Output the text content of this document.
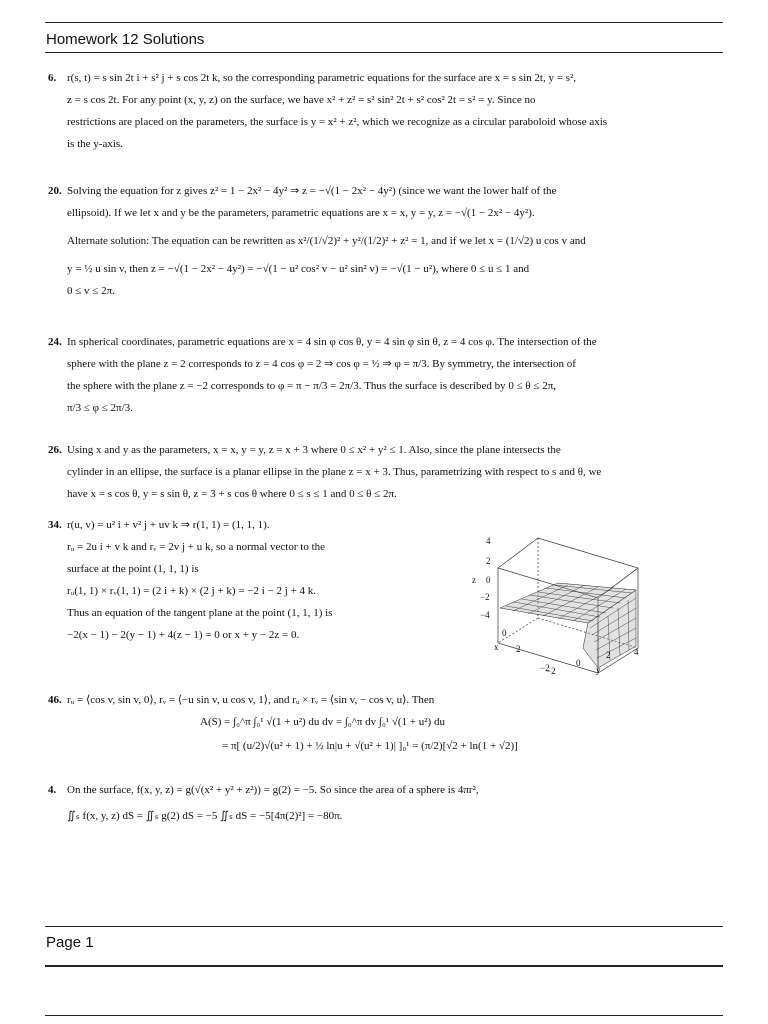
Homework 12 Solutions
6. r(s, t) = s sin 2t i + s² j + s cos 2t k, so the corresponding parametric equations for the surface are x = s sin 2t, y = s²,
z = s cos 2t. For any point (x, y, z) on the surface, we have x² + z² = s² sin² 2t + s² cos² 2t = s² = y. Since no
restrictions are placed on the parameters, the surface is y = x² + z², which we recognize as a circular paraboloid whose axis
is the y-axis.
20. Solving the equation for z gives z² = 1 − 2x² − 4y² ⇒ z = −√(1 − 2x² − 4y²) (since we want the lower half of the
ellipsoid). If we let x and y be the parameters, parametric equations are x = x, y = y, z = −√(1 − 2x² − 4y²).
Alternate solution: The equation can be rewritten as x²/(1/√2)² + y²/(1/2)² + z² = 1, and if we let x = (1/√2) u cos v and
y = ½ u sin v, then z = −√(1 − 2x² − 4y²) = −√(1 − u² cos² v − u² sin² v) = −√(1 − u²), where 0 ≤ u ≤ 1 and
0 ≤ v ≤ 2π.
24. In spherical coordinates, parametric equations are x = 4 sin φ cos θ, y = 4 sin φ sin θ, z = 4 cos φ. The intersection of the
sphere with the plane z = 2 corresponds to z = 4 cos φ = 2 ⇒ cos φ = ½ ⇒ φ = π/3. By symmetry, the intersection of
the sphere with the plane z = −2 corresponds to φ = π − π/3 = 2π/3. Thus the surface is described by 0 ≤ θ ≤ 2π,
π/3 ≤ φ ≤ 2π/3.
26. Using x and y as the parameters, x = x, y = y, z = x + 3 where 0 ≤ x² + y² ≤ 1. Also, since the plane intersects the
cylinder in an ellipse, the surface is a planar ellipse in the plane z = x + 3. Thus, parametrizing with respect to s and θ, we
have x = s cos θ, y = s sin θ, z = 3 + s cos θ where 0 ≤ s ≤ 1 and 0 ≤ θ ≤ 2π.
34. r(u, v) = u² i + v² j + uv k ⇒ r(1, 1) = (1, 1, 1).
rᵤ = 2u i + v k and rᵥ = 2v j + u k, so a normal vector to the
surface at the point (1, 1, 1) is
rᵤ(1, 1) × rᵥ(1, 1) = (2 i + k) × (2 j + k) = −2 i − 2 j + 4 k.
Thus an equation of the tangent plane at the point (1, 1, 1) is
−2(x − 1) − 2(y − 1) + 4(z − 1) = 0 or x + y − 2z = 0.
z
4
2
0
−2
−4
x
−2
0
2
y
−2
0
2	4
46. rᵤ = ⟨cos v, sin v, 0⟩, rᵥ = ⟨−u sin v, u cos v, 1⟩, and rᵤ × rᵥ = ⟨sin v, − cos v, u⟩. Then
A(S) = ∫₀^π ∫₀¹ √(1 + u²) du dv = ∫₀^π dv ∫₀¹ √(1 + u²) du
= π[ (u/2)√(u² + 1) + ½ ln|u + √(u² + 1)| ]₀¹ = (π/2)[√2 + ln(1 + √2)]
4. On the surface, f(x, y, z) = g(√(x² + y² + z²)) = g(2) = −5. So since the area of a sphere is 4πr²,
∬ₛ f(x, y, z) dS = ∬ₛ g(2) dS = −5 ∬ₛ dS = −5[4π(2)²] = −80π.
Page 1
